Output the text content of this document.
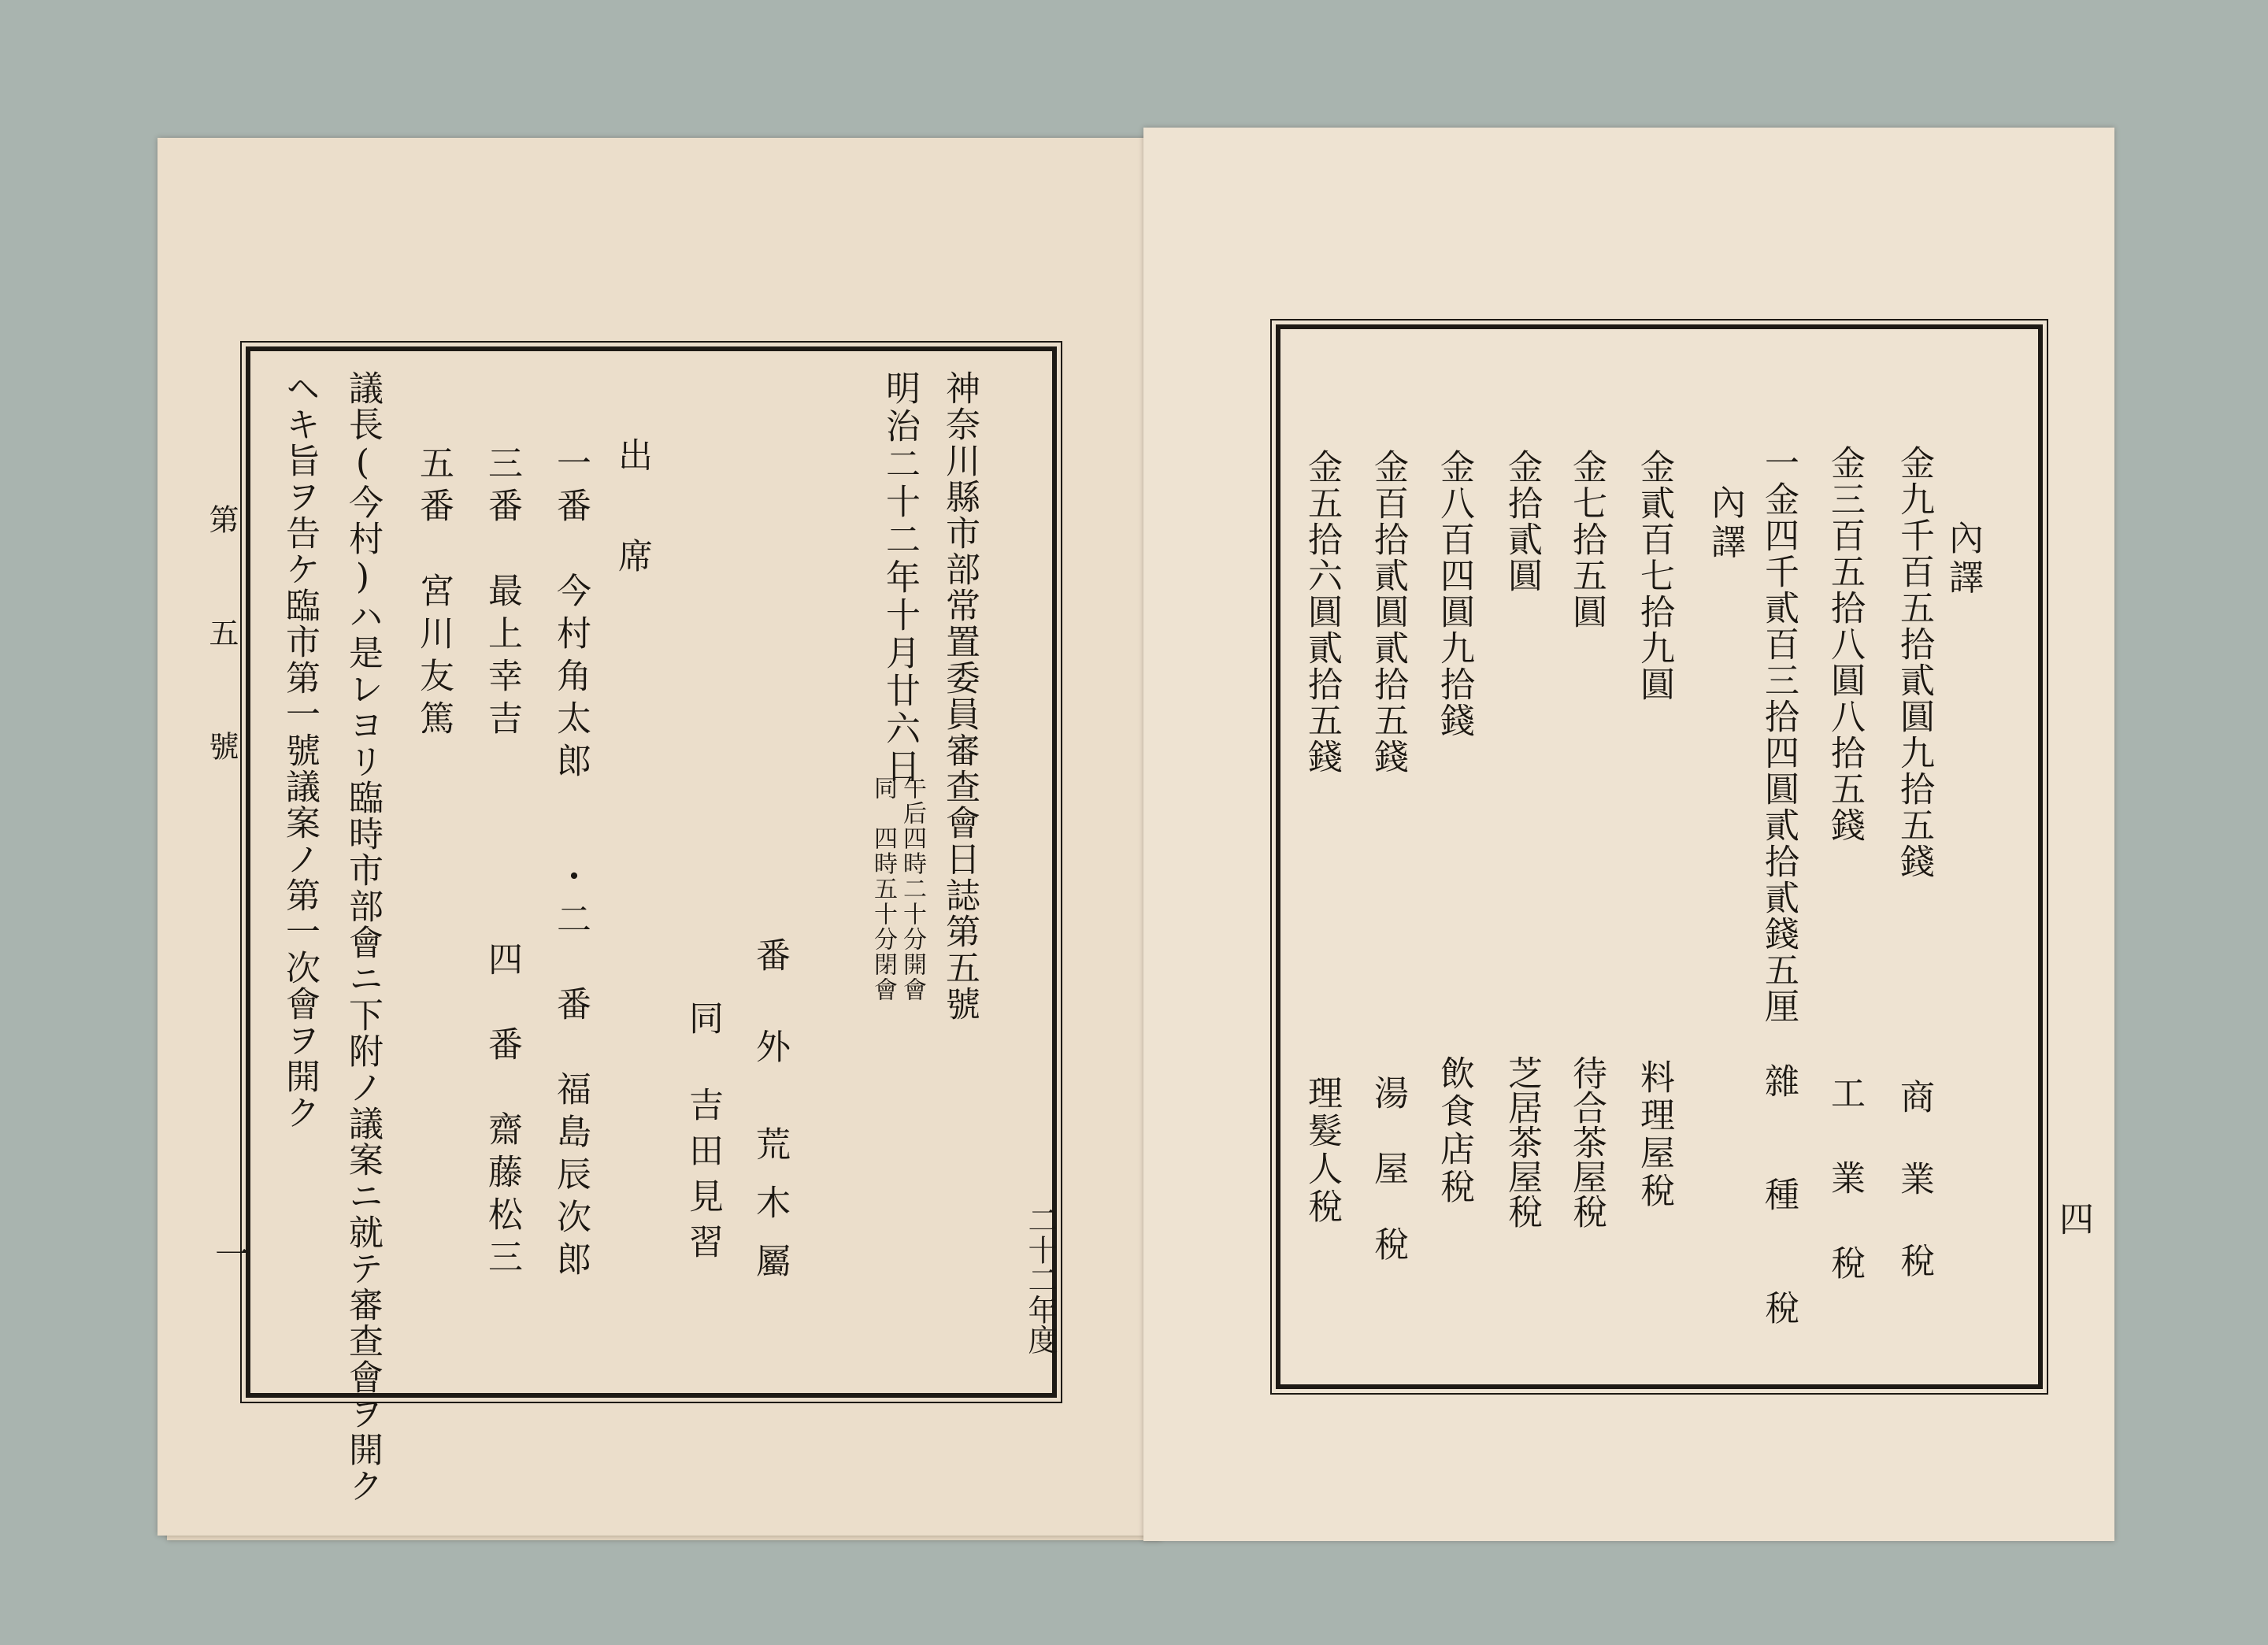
第　五　號
一	二十二年度
神奈川縣市部常置委員審查會日誌第五號
明治二十二年十月廿六日
午后四時二十分開會
同　四時五十分閉會
出　席
一番　今村角太郎
・二　番　福島辰次郎
三番　最上幸吉
四　番　齋藤松三
五番　宮川友篤
番　外
荒木屬
同
吉田見習
議長(今村)ハ是レヨリ臨時市部會ニ下附ノ議案ニ就テ審查會ヲ開ク
ヘキ旨ヲ告ケ臨市第一號議案ノ第一次會ヲ開ク
四
內譯
金九千百五拾貳圓九拾五錢
商　業　稅
金三百五拾八圓八拾五錢
工　業　稅
一金四千貳百三拾四圓貳拾貳錢五厘
雜　　種　　稅
內譯
金貳百七拾九圓
料理屋稅
金七拾五圓
待合茶屋稅
金拾貳圓
芝居茶屋稅
金八百四圓九拾錢
飲食店稅
金百拾貳圓貳拾五錢
湯　屋　稅
金五拾六圓貳拾五錢
理髮人稅
